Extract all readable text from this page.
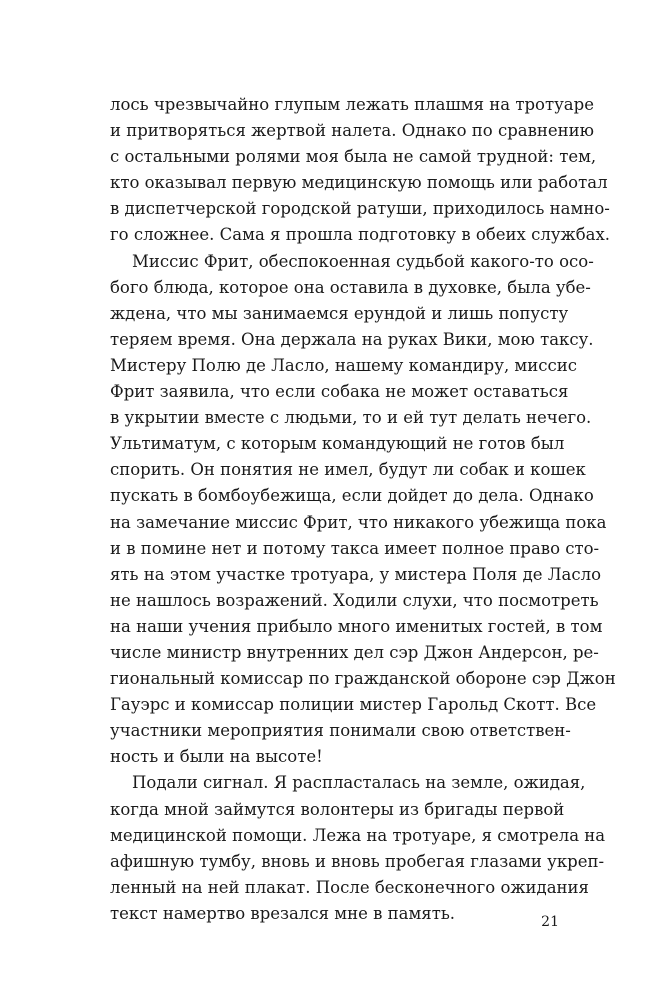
лось чрезвычайно глупым лежать плашмя на тротуаре
и притворяться жертвой налета. Однако по сравнению
с остальными ролями моя была не самой трудной: тем,
кто оказывал первую медицинскую помощь или работал
в диспетчерской городской ратуши, приходилось намно-
го сложнее. Сама я прошла подготовку в обеих службах.
Миссис Фрит, обеспокоенная судьбой какого-то осо-
бого блюда, которое она оставила в духовке, была убе-
ждена, что мы занимаемся ерундой и лишь попусту
теряем время. Она держала на руках Вики, мою таксу.
Мистеру Полю де Ласло, нашему командиру, миссис
Фрит заявила, что если собака не может оставаться
в укрытии вместе с людьми, то и ей тут делать нечего.
Ультиматум, с которым командующий не готов был
спорить. Он понятия не имел, будут ли собак и кошек
пускать в бомбоубежища, если дойдет до дела. Однако
на замечание миссис Фрит, что никакого убежища пока
и в помине нет и потому такса имеет полное право сто-
ять на этом участке тротуара, у мистера Поля де Ласло
не нашлось возражений. Ходили слухи, что посмотреть
на наши учения прибыло много именитых гостей, в том
числе министр внутренних дел сэр Джон Андерсон, ре-
гиональный комиссар по гражданской обороне сэр Джон
Гауэрс и комиссар полиции мистер Гарольд Скотт. Все
участники мероприятия понимали свою ответствен-
ность и были на высоте!
Подали сигнал. Я распласталась на земле, ожидая,
когда мной займутся волонтеры из бригады первой
медицинской помощи. Лежа на тротуаре, я смотрела на
афишную тумбу, вновь и вновь пробегая глазами укреп-
ленный на ней плакат. После бесконечного ожидания
текст намертво врезался мне в память.	21
